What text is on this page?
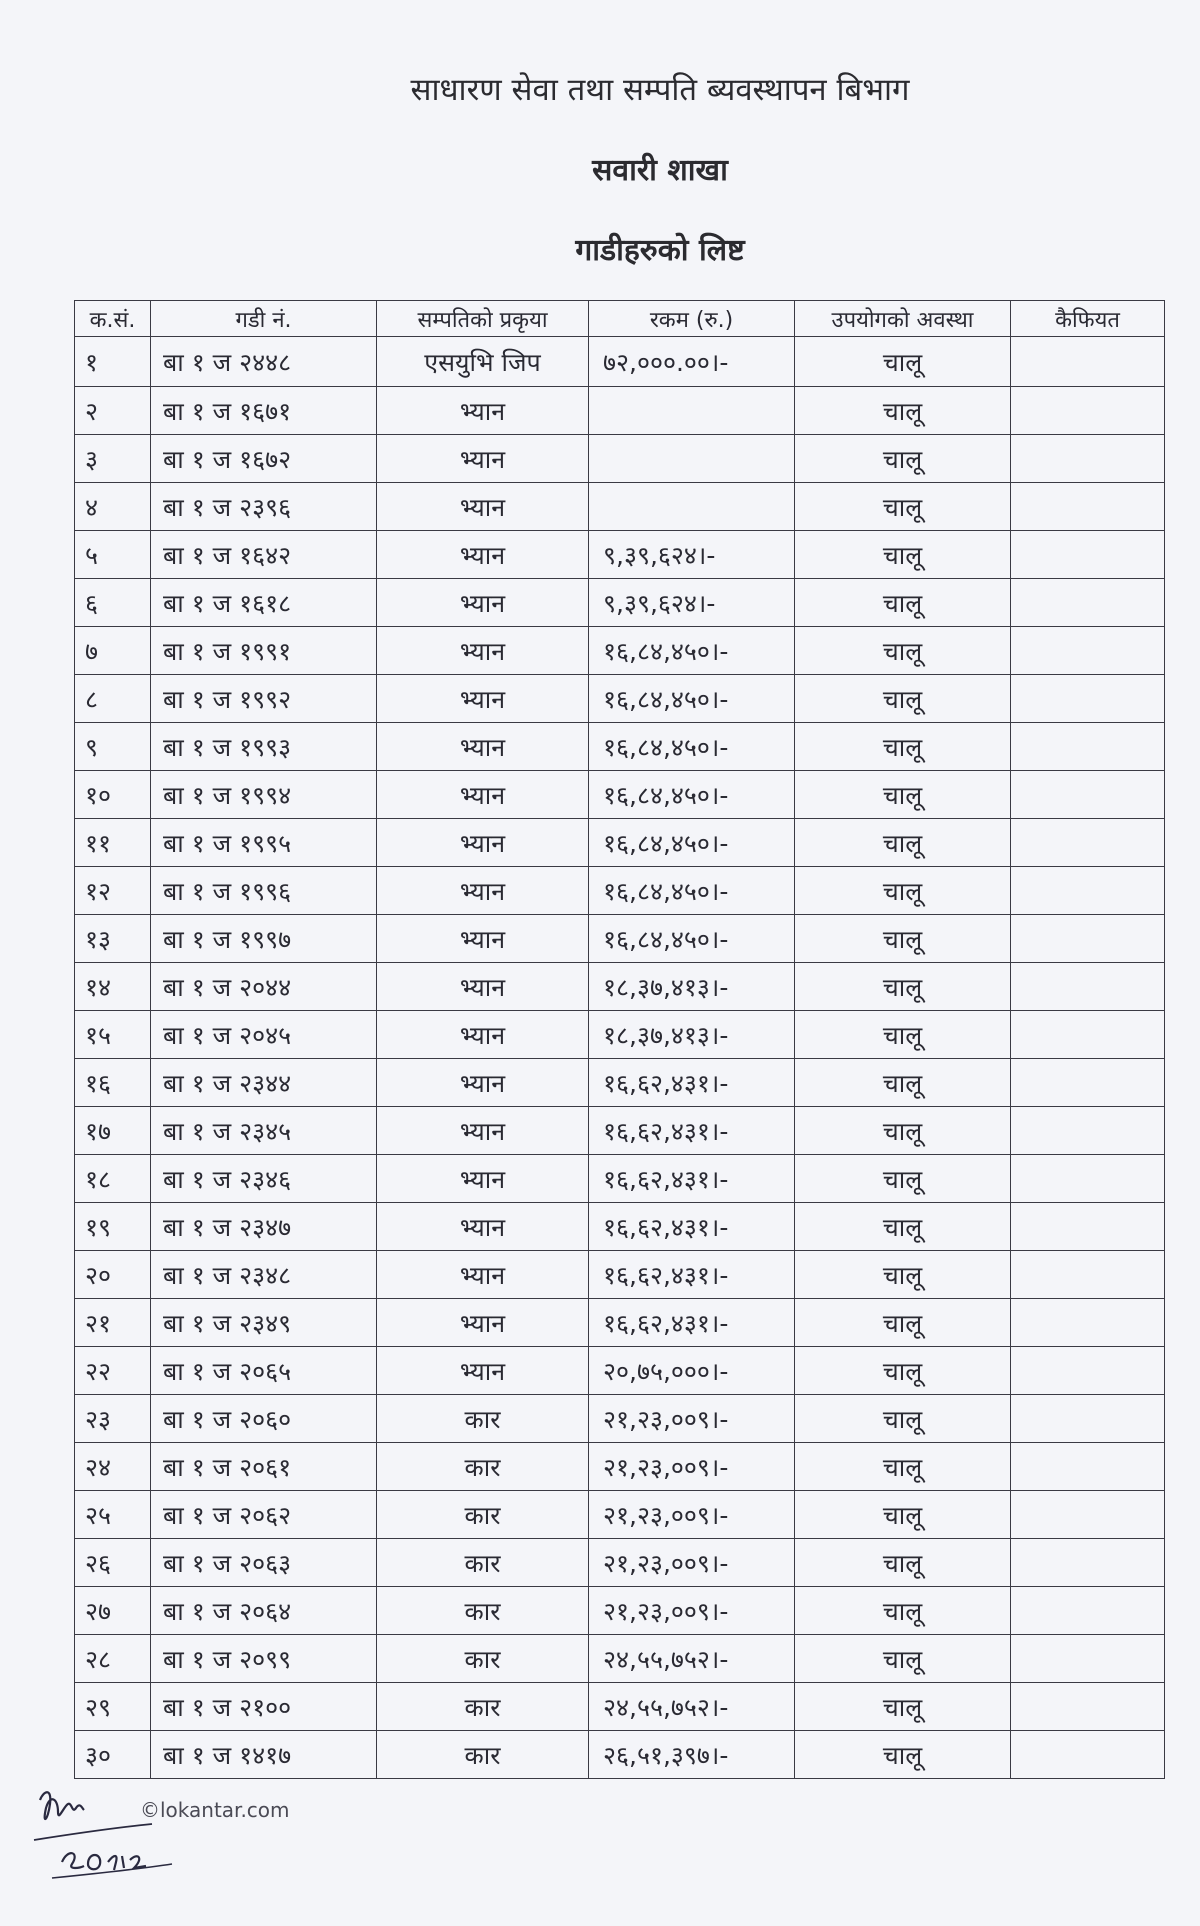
साधारण सेवा तथा सम्पति ब्यवस्थापन बिभाग
सवारी शाखा
गाडीहरुको लिष्ट
क.सं.	गडी नं.	सम्पतिको प्रकृया	रकम (रु.)	उपयोगको अवस्था	कैफियत
१	बा १ ज २४४८	एसयुभि जिप	७२,०००.००।-	चालू	
२	बा १ ज १६७१	भ्यान		चालू	
३	बा १ ज १६७२	भ्यान		चालू	
४	बा १ ज २३९६	भ्यान		चालू	
५	बा १ ज १६४२	भ्यान	९,३९,६२४।-	चालू	
६	बा १ ज १६१८	भ्यान	९,३९,६२४।-	चालू	
७	बा १ ज १९९१	भ्यान	१६,८४,४५०।-	चालू	
८	बा १ ज १९९२	भ्यान	१६,८४,४५०।-	चालू	
९	बा १ ज १९९३	भ्यान	१६,८४,४५०।-	चालू	
१०	बा १ ज १९९४	भ्यान	१६,८४,४५०।-	चालू	
११	बा १ ज १९९५	भ्यान	१६,८४,४५०।-	चालू	
१२	बा १ ज १९९६	भ्यान	१६,८४,४५०।-	चालू	
१३	बा १ ज १९९७	भ्यान	१६,८४,४५०।-	चालू	
१४	बा १ ज २०४४	भ्यान	१८,३७,४१३।-	चालू	
१५	बा १ ज २०४५	भ्यान	१८,३७,४१३।-	चालू	
१६	बा १ ज २३४४	भ्यान	१६,६२,४३१।-	चालू	
१७	बा १ ज २३४५	भ्यान	१६,६२,४३१।-	चालू	
१८	बा १ ज २३४६	भ्यान	१६,६२,४३१।-	चालू	
१९	बा १ ज २३४७	भ्यान	१६,६२,४३१।-	चालू	
२०	बा १ ज २३४८	भ्यान	१६,६२,४३१।-	चालू	
२१	बा १ ज २३४९	भ्यान	१६,६२,४३१।-	चालू	
२२	बा १ ज २०६५	भ्यान	२०,७५,०००।-	चालू	
२३	बा १ ज २०६०	कार	२१,२३,००९।-	चालू	
२४	बा १ ज २०६१	कार	२१,२३,००९।-	चालू	
२५	बा १ ज २०६२	कार	२१,२३,००९।-	चालू	
२६	बा १ ज २०६३	कार	२१,२३,००९।-	चालू	
२७	बा १ ज २०६४	कार	२१,२३,००९।-	चालू	
२८	बा १ ज २०९९	कार	२४,५५,७५२।-	चालू	
२९	बा १ ज २१००	कार	२४,५५,७५२।-	चालू	
३०	बा १ ज १४१७	कार	२६,५१,३९७।-	चालू	
©lokantar.com
